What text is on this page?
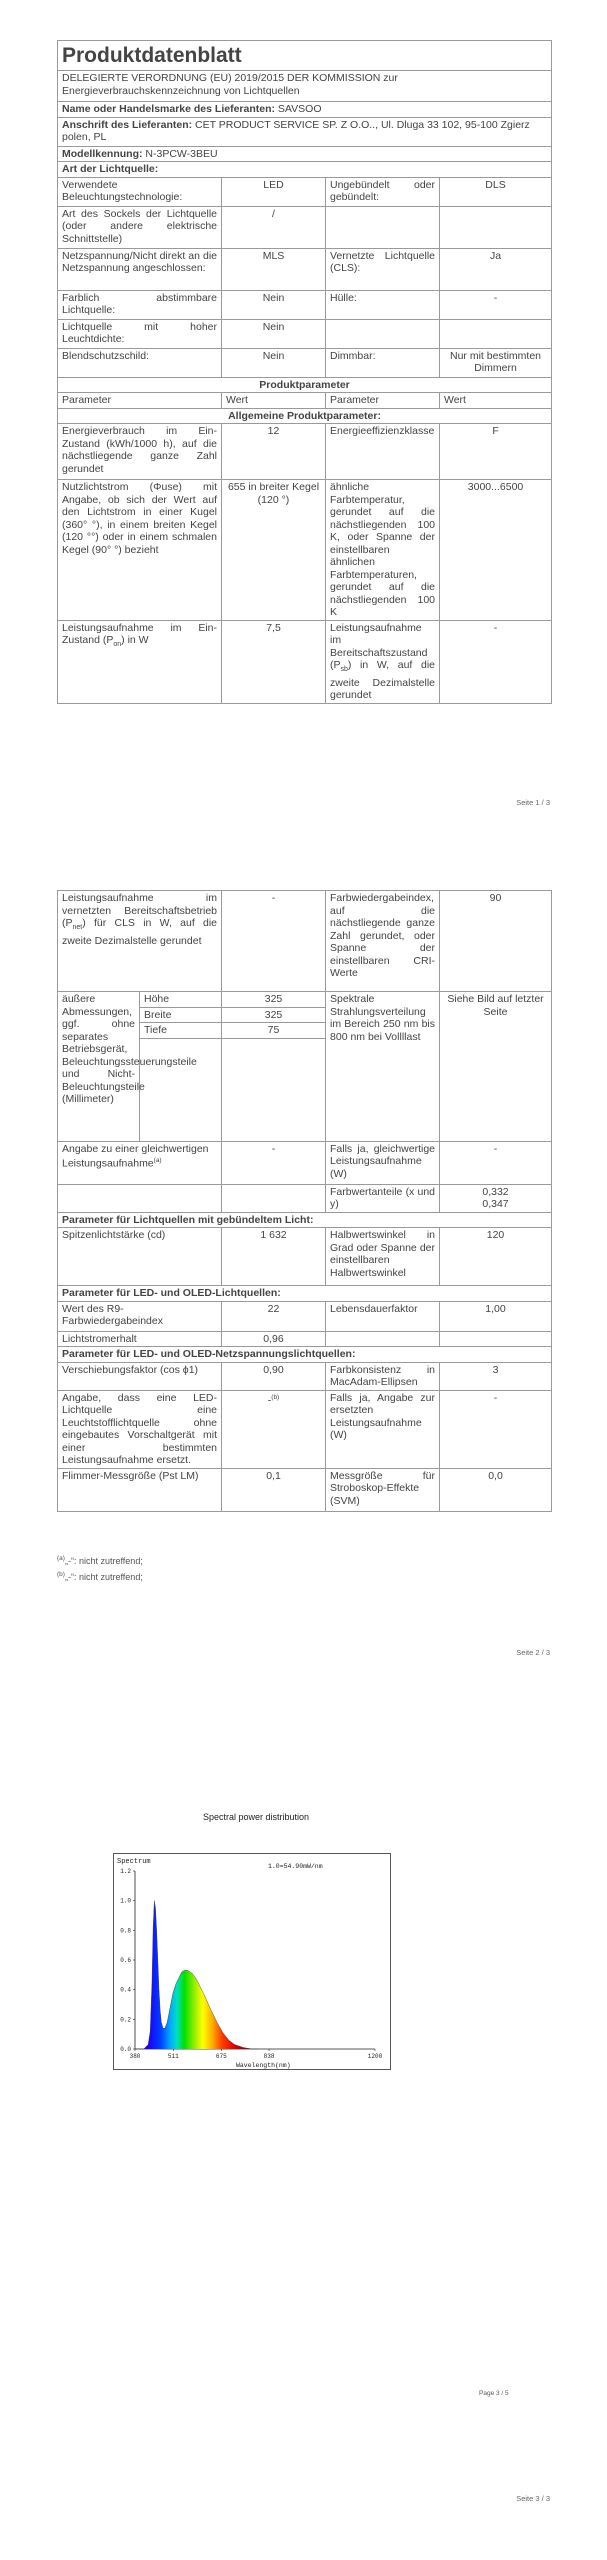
Produktdatenblatt			
DELEGIERTE VERORDNUNG (EU) 2019/2015 DER KOMMISSION zur Energieverbrauchskennzeichnung von Lichtquellen			
Name oder Handelsmarke des Lieferanten: SAVSOO			
Anschrift des Lieferanten: CET PRODUCT SERVICE SP. Z O.O.., Ul. Dluga 33 102, 95-100 Zgierz polen, PL			
Modellkennung: N-3PCW-3BEU			
Art der Lichtquelle:			
Verwendete Beleuchtungstechnologie:	LED	Ungebündelt oder gebündelt:	DLS
Art des Sockels der Lichtquelle (oder andere elektrische Schnittstelle)	/		
Netzspannung/Nicht direkt an die Netzspannung angeschlossen:	MLS	Vernetzte Lichtquelle (CLS):	Ja
Farblich abstimmbare Lichtquelle:	Nein	Hülle:	-
Lichtquelle mit hoher Leuchtdichte:	Nein		
Blendschutzschild:	Nein	Dimmbar:	Nur mit bestimmten Dimmern
Produktparameter			
Parameter	Wert	Parameter	Wert
Allgemeine Produktparameter:			
Energieverbrauch im Ein-Zustand (kWh/1000 h), auf die nächstliegende ganze Zahl gerundet	12	Energieeffizienzklasse	F
Nutzlichtstrom (Φuse) mit Angabe, ob sich der Wert auf den Lichtstrom in einer Kugel (360° °), in einem breiten Kegel (120 °°) oder in einem schmalen Kegel (90° °) bezieht	655 in breiter Kegel (120 °)	ähnliche Farbtemperatur, gerundet auf die nächstliegenden 100 K, oder Spanne der einstellbaren ähnlichen Farbtemperaturen, gerundet auf die nächstliegenden 100 K	3000...6500
Leistungsaufnahme im Ein-Zustand $(P_{on})$ in W	7,5	Leistungsaufnahme im Bereitschaftszustand $(P_{sb})$ in W, auf die zweite Dezimalstelle gerundet	-
Seite 1 / 3
Leistungsaufnahme im vernetzten Bereitschaftsbetrieb $(P_{net})$ für CLS in W, auf die zweite Dezimalstelle gerundet		-	Farbwiedergabeindex, auf die nächstliegende ganze Zahl gerundet, oder Spanne der einstellbaren CRI-Werte	90
äußere Abmessungen, ggf. ohne separates Betriebsgerät, Beleuchtungssteuerungsteile und Nicht-Beleuchtungsteile (Millimeter)	Höhe	325	Spektrale Strahlungsverteilung im Bereich 250 nm bis 800 nm bei Vollllast	Siehe Bild auf letzter Seite
	Breite	325		
	Tiefe	75		

Angabe zu einer gleichwertigen Leistungsaufnahme$^{(a)}$		-	Falls ja, gleichwertige Leistungsaufnahme (W)	-
			Farbwertanteile (x und y)	0,332
0,347
Parameter für Lichtquellen mit gebündeltem Licht:				
Spitzenlichtstärke (cd)		1 632	Halbwertswinkel in Grad oder Spanne der einstellbaren Halbwertswinkel	120
Parameter für LED- und OLED-Lichtquellen:				
Wert des R9-Farbwiedergabeindex		22	Lebensdauerfaktor	1,00
Lichtstromerhalt		0,96		
Parameter für LED- und OLED-Netzspannungslichtquellen:				
Verschiebungsfaktor (cos ϕ1)		0,90	Farbkonsistenz in MacAdam-Ellipsen	3
Angabe, dass eine LED-Lichtquelle eine Leuchtstofflichtquelle ohne eingebautes Vorschaltgerät mit einer bestimmten Leistungsaufnahme ersetzt.		-$^{(b)}$	Falls ja, Angabe zur ersetzten Leistungsaufnahme (W)	-
Flimmer-Messgröße (Pst LM)		0,1	Messgröße für Stroboskop-Effekte (SVM)	0,0
$^{(a)}$„-“: nicht zutreffend;
$^{(b)}$„-“: nicht zutreffend;
Seite 2 / 3
Spectral power distribution
Spectrum
1.0=54.90mW/nm
Wavelength(nm)
0.0
0.2
0.4
0.6
0.8
1.0
1.2
380	511	675	838	1200
Page 3 / 5
Seite 3 / 3
